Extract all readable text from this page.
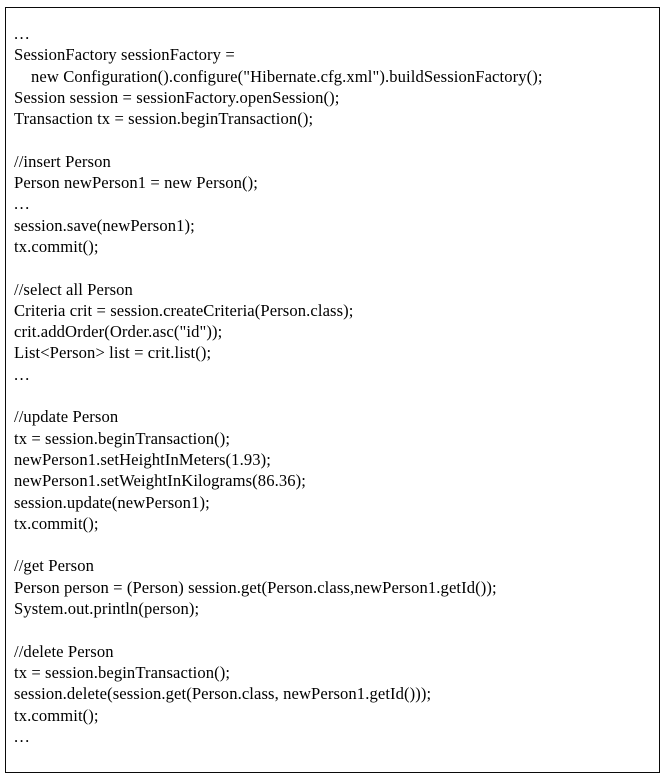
...
SessionFactory sessionFactory =
new Configuration().configure("Hibernate.cfg.xml").buildSessionFactory();
Session session = sessionFactory.openSession();
Transaction tx = session.beginTransaction();

//insert Person
Person newPerson1 = new Person();
...
session.save(newPerson1);
tx.commit();

//select all Person
Criteria crit = session.createCriteria(Person.class);
crit.addOrder(Order.asc("id"));
List<Person> list = crit.list();
...

//update Person
tx = session.beginTransaction();
newPerson1.setHeightInMeters(1.93);
newPerson1.setWeightInKilograms(86.36);
session.update(newPerson1);
tx.commit();

//get Person
Person person = (Person) session.get(Person.class,newPerson1.getId());
System.out.println(person);

//delete Person
tx = session.beginTransaction();
session.delete(session.get(Person.class, newPerson1.getId()));
tx.commit();
...
